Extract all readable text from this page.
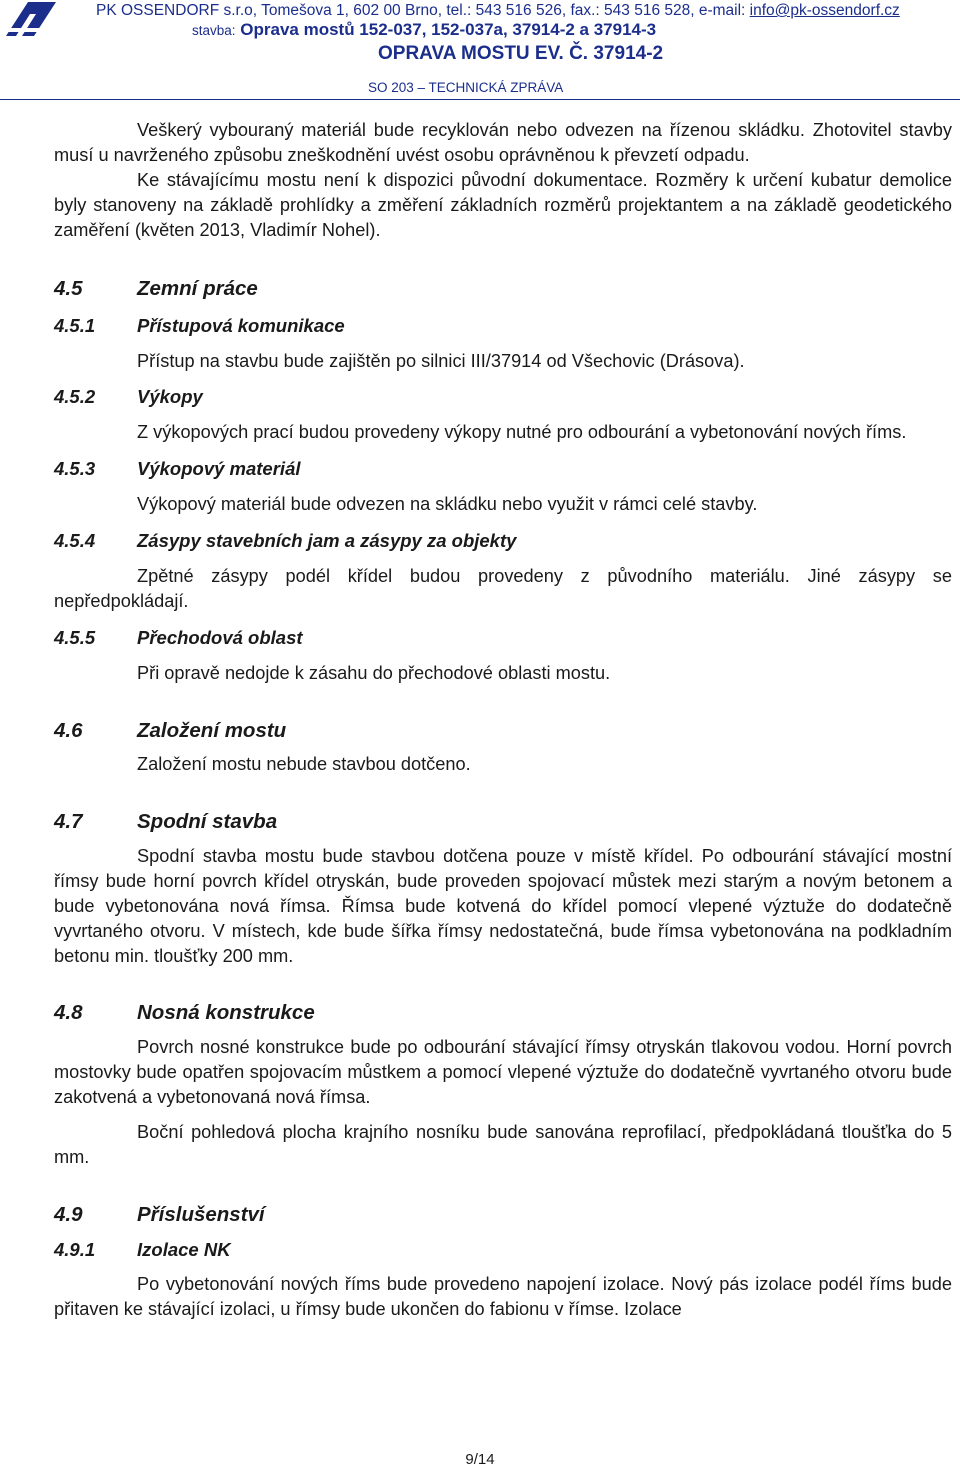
PK OSSENDORF s.r.o, Tomešova 1, 602 00 Brno, tel.: 543 516 526, fax.: 543 516 528, e-mail: info@pk-ossendorf.cz
stavba: Oprava mostů 152-037, 152-037a, 37914-2 a 37914-3
OPRAVA MOSTU EV. Č. 37914-2
SO 203 – TECHNICKÁ ZPRÁVA

Veškerý vybouraný materiál bude recyklován nebo odvezen na řízenou skládku. Zhotovitel stavby musí u navrženého způsobu zneškodnění uvést osobu oprávněnou k převzetí odpadu.

Ke stávajícímu mostu není k dispozici původní dokumentace. Rozměry k určení kubatur demolice byly stanoveny na základě prohlídky a změření základních rozměrů projektantem a na základě geodetického zaměření (květen 2013, Vladimír Nohel).

4.5	Zemní práce
4.5.1	Přístupová komunikace

Přístup na stavbu bude zajištěn po silnici III/37914 od Všechovic (Drásova).

4.5.2	Výkopy

Z výkopových prací budou provedeny výkopy nutné pro odbourání a vybetonování nových říms.

4.5.3	Výkopový materiál

Výkopový materiál bude odvezen na skládku nebo využit v rámci celé stavby.

4.5.4	Zásypy stavebních jam a zásypy za objekty

Zpětné zásypy podél křídel budou provedeny z původního materiálu. Jiné zásypy se nepředpokládají.

4.5.5	Přechodová oblast

Při opravě nedojde k zásahu do přechodové oblasti mostu.

4.6	Založení mostu

Založení mostu nebude stavbou dotčeno.

4.7	Spodní stavba

Spodní stavba mostu bude stavbou dotčena pouze v místě křídel. Po odbourání stávající mostní římsy bude horní povrch křídel otryskán, bude proveden spojovací můstek mezi starým a novým betonem a bude vybetonována nová římsa. Římsa bude kotvená do křídel pomocí vlepené výztuže do dodatečně vyvrtaného otvoru. V místech, kde bude šířka římsy nedostatečná, bude římsa vybetonována na podkladním betonu min. tloušťky 200 mm.

4.8	Nosná konstrukce

Povrch nosné konstrukce bude po odbourání stávající římsy otryskán tlakovou vodou. Horní povrch mostovky bude opatřen spojovacím můstkem a pomocí vlepené výztuže do dodatečně vyvrtaného otvoru bude zakotvená a vybetonovaná nová římsa.

Boční pohledová plocha krajního nosníku bude sanována reprofilací, předpokládaná tloušťka do 5 mm.

4.9	Příslušenství
4.9.1	Izolace NK

Po vybetonování nových říms bude provedeno napojení izolace. Nový pás izolace podél říms bude přitaven ke stávající izolaci, u římsy bude ukončen do fabionu v římse. Izolace

9/14
